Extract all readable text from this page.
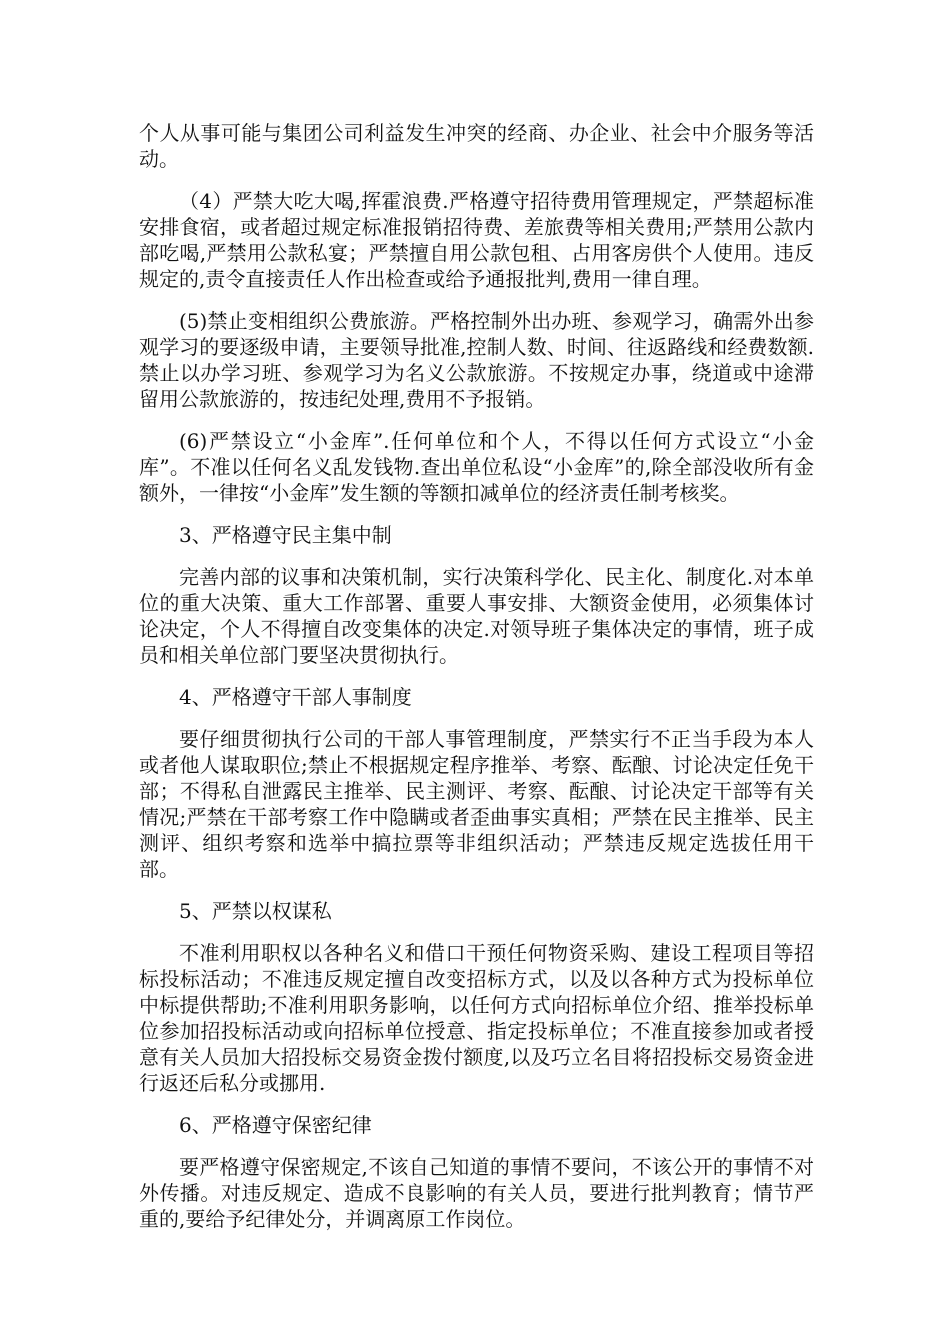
个人从事可能与集团公司利益发生冲突的经商、办企业、社会中介服务等活动。

（4）严禁大吃大喝,挥霍浪费.严格遵守招待费用管理规定，严禁超标准安排食宿，或者超过规定标准报销招待费、差旅费等相关费用;严禁用公款内部吃喝,严禁用公款私宴；严禁擅自用公款包租、占用客房供个人使用。违反规定的,责令直接责任人作出检查或给予通报批判,费用一律自理。

(5)禁止变相组织公费旅游。严格控制外出办班、参观学习，确需外出参观学习的要逐级申请，主要领导批准,控制人数、时间、往返路线和经费数额.禁止以办学习班、参观学习为名义公款旅游。不按规定办事，绕道或中途滞留用公款旅游的，按违纪处理,费用不予报销。

(6)严禁设立“小金库”.任何单位和个人，不得以任何方式设立“小金库”。不准以任何名义乱发钱物.查出单位私设“小金库”的,除全部没收所有金额外，一律按“小金库”发生额的等额扣减单位的经济责任制考核奖。

3、严格遵守民主集中制

完善内部的议事和决策机制，实行决策科学化、民主化、制度化.对本单位的重大决策、重大工作部署、重要人事安排、大额资金使用，必须集体讨论决定，个人不得擅自改变集体的决定.对领导班子集体决定的事情，班子成员和相关单位部门要坚决贯彻执行。

4、严格遵守干部人事制度

要仔细贯彻执行公司的干部人事管理制度，严禁实行不正当手段为本人或者他人谋取职位;禁止不根据规定程序推举、考察、酝酿、讨论决定任免干部；不得私自泄露民主推举、民主测评、考察、酝酿、讨论决定干部等有关情况;严禁在干部考察工作中隐瞒或者歪曲事实真相；严禁在民主推举、民主测评、组织考察和选举中搞拉票等非组织活动；严禁违反规定选拔任用干部。

5、严禁以权谋私

不准利用职权以各种名义和借口干预任何物资采购、建设工程项目等招标投标活动；不准违反规定擅自改变招标方式，以及以各种方式为投标单位中标提供帮助;不准利用职务影响，以任何方式向招标单位介绍、推举投标单位参加招投标活动或向招标单位授意、指定投标单位；不准直接参加或者授意有关人员加大招投标交易资金拨付额度,以及巧立名目将招投标交易资金进行返还后私分或挪用.

6、严格遵守保密纪律

要严格遵守保密规定,不该自己知道的事情不要问，不该公开的事情不对外传播。对违反规定、造成不良影响的有关人员，要进行批判教育；情节严重的,要给予纪律处分，并调离原工作岗位。
